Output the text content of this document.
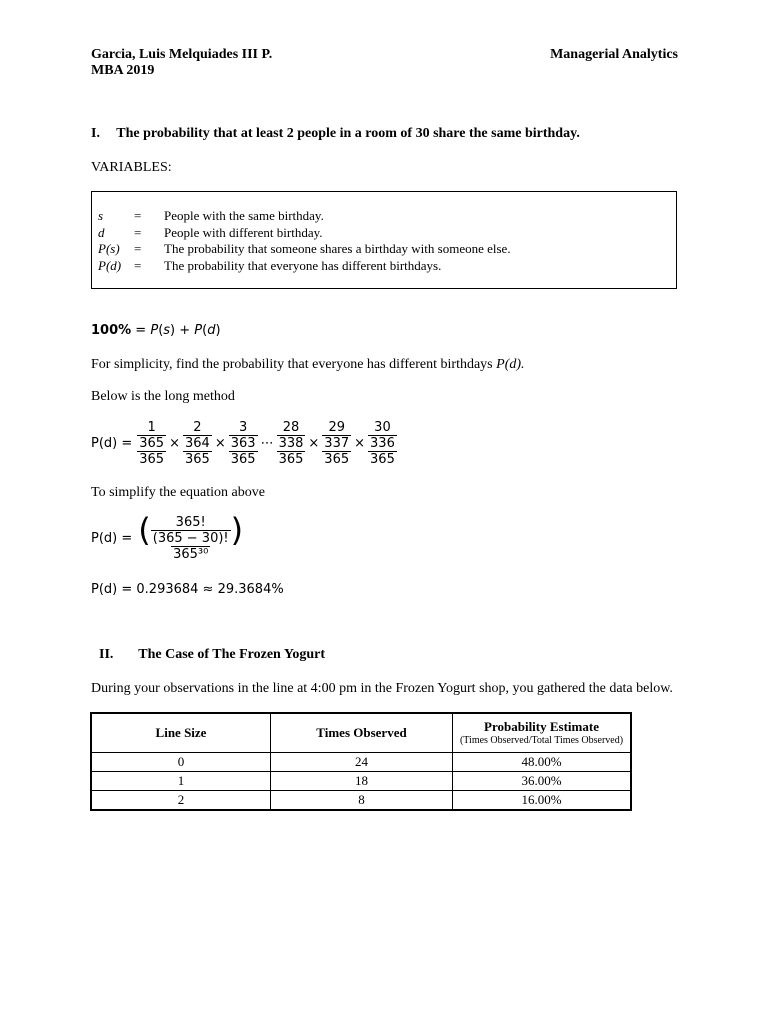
Garcia, Luis Melquiades III P.
MBA 2019
Managerial Analytics
I. The probability that at least 2 people in a room of 30 share the same birthday.
VARIABLES:
s	=	People with the same birthday.
d	=	People with different birthday.
P(s)	=	The probability that someone shares a birthday with someone else.
P(d)	=	The probability that everyone has different birthdays.
100% = P(s) + P(d)
For simplicity, find the probability that everyone has different birthdays P(d).
Below is the long method
P(d) =
1
365
365
×
2
364
365
×
3
363
365
⋯
28
338
365
×
29
337
365
×
30
336
365
To simplify the equation above
$P(d) = \frac{( \frac{365!}{(365 - 30)!} )}{\text{365³⁰}}$
P(d) = 0.293684 ≈ 29.3684%
II. The Case of The Frozen Yogurt
During your observations in the line at 4:00 pm in the Frozen Yogurt shop, you gathered the data below.
Line Size	Times Observed	Probability Estimate
(Times Observed/Total Times Observed)

0	24	48.00%
1	18	36.00%
2	8	16.00%
